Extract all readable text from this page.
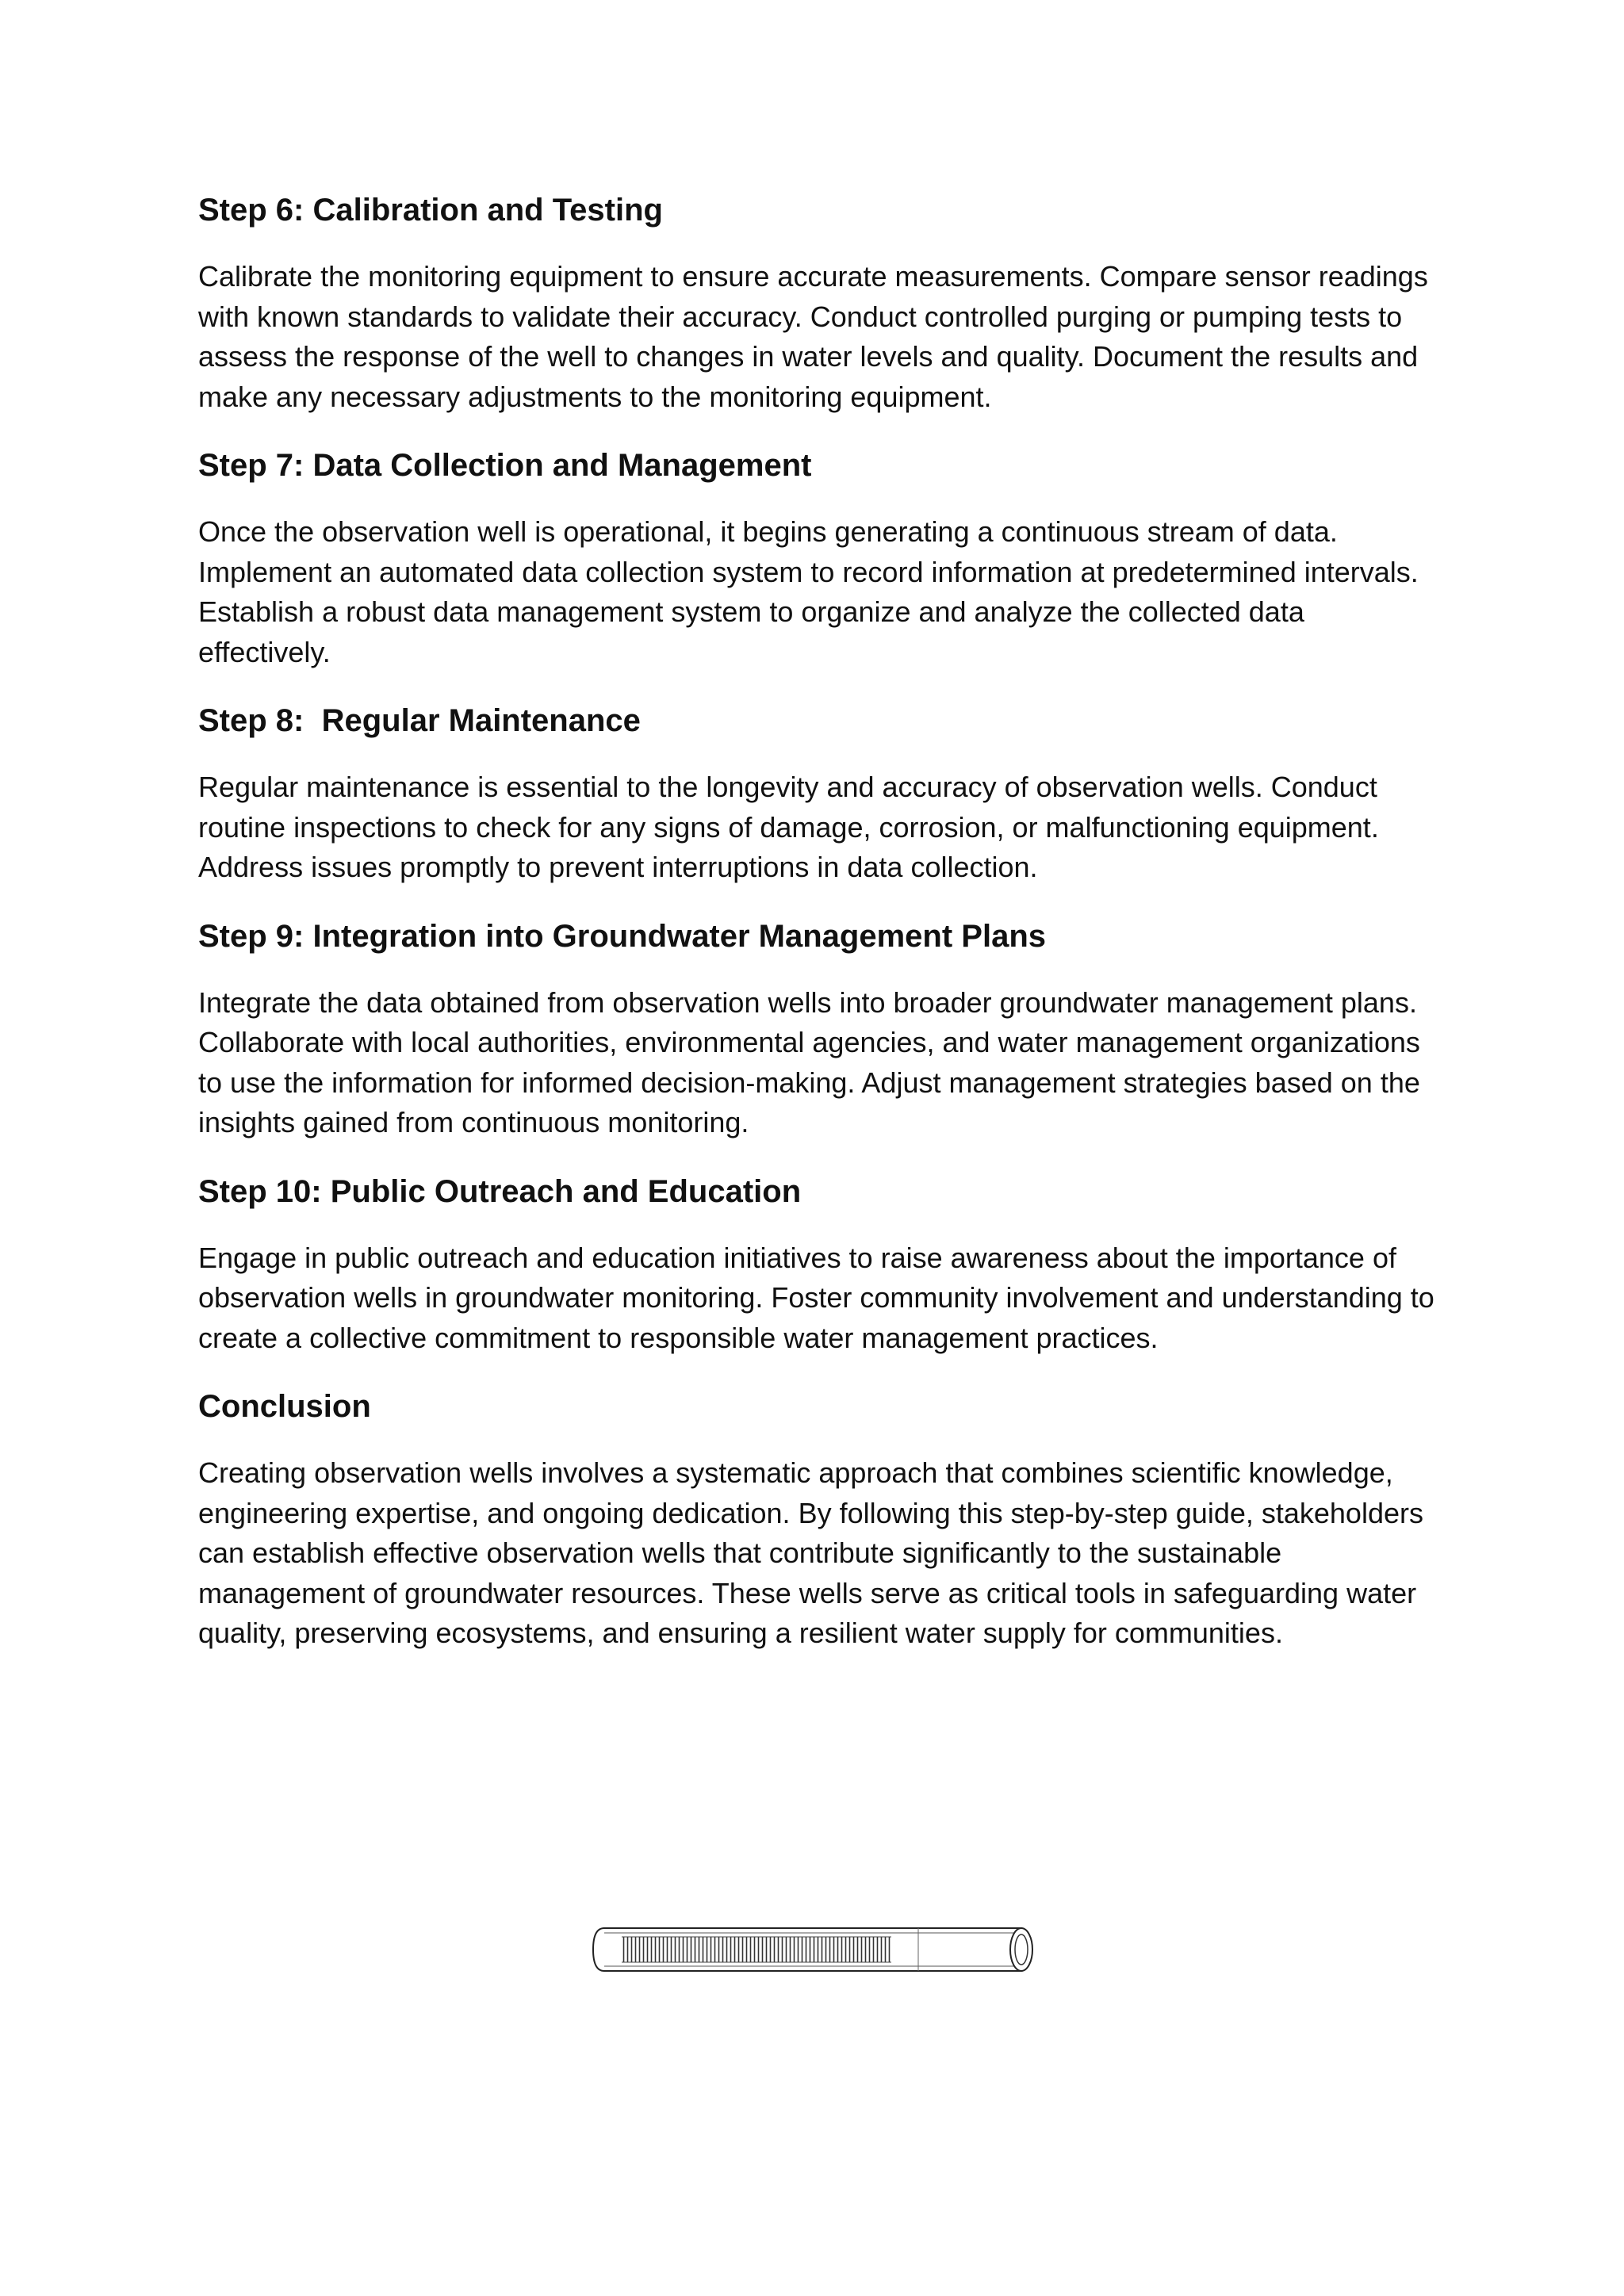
Step 6: Calibration and Testing

Calibrate the monitoring equipment to ensure accurate measurements. Compare sensor readings with known standards to validate their accuracy. Conduct controlled purging or pumping tests to assess the response of the well to changes in water levels and quality. Document the results and make any necessary adjustments to the monitoring equipment.

Step 7: Data Collection and Management

Once the observation well is operational, it begins generating a continuous stream of data. Implement an automated data collection system to record information at predetermined intervals. Establish a robust data management system to organize and analyze the collected data effectively.

Step 8:  Regular Maintenance

Regular maintenance is essential to the longevity and accuracy of observation wells. Conduct routine inspections to check for any signs of damage, corrosion, or malfunctioning equipment. Address issues promptly to prevent interruptions in data collection.

Step 9: Integration into Groundwater Management Plans

Integrate the data obtained from observation wells into broader groundwater management plans. Collaborate with local authorities, environmental agencies, and water management organizations to use the information for informed decision-making. Adjust management strategies based on the insights gained from continuous monitoring.

Step 10: Public Outreach and Education

Engage in public outreach and education initiatives to raise awareness about the importance of observation wells in groundwater monitoring. Foster community involvement and understanding to create a collective commitment to responsible water management practices.

Conclusion

Creating observation wells involves a systematic approach that combines scientific knowledge, engineering expertise, and ongoing dedication. By following this step-by-step guide, stakeholders can establish effective observation wells that contribute significantly to the sustainable management of groundwater resources. These wells serve as critical tools in safeguarding water quality, preserving ecosystems, and ensuring a resilient water supply for communities.
